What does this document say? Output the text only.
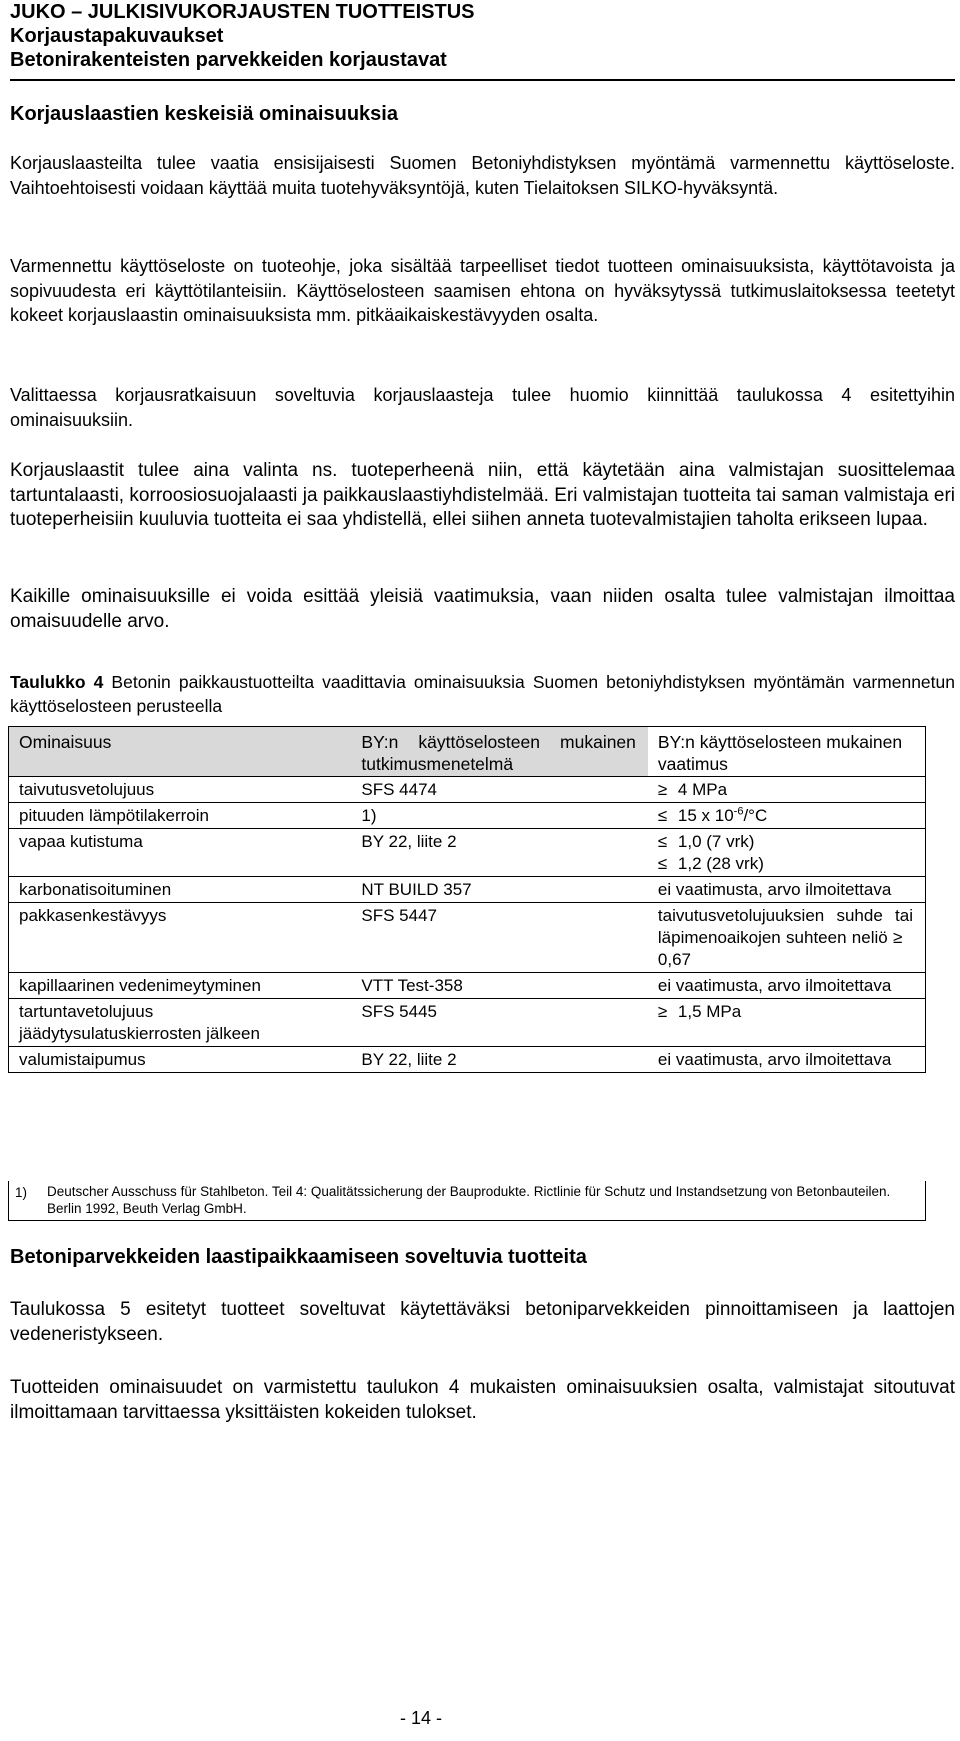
JUKO – JULKISIVUKORJAUSTEN TUOTTEISTUS
Korjaustapakuvaukset
Betonirakenteisten parvekkeiden korjaustavat
Korjauslaastien keskeisiä ominaisuuksia
Korjauslaasteilta tulee vaatia ensisijaisesti Suomen Betoniyhdistyksen myöntämä varmennettu käyttöseloste. Vaihtoehtoisesti voidaan käyttää muita tuotehyväksyntöjä, kuten Tielaitoksen SILKO-hyväksyntä.
Varmennettu käyttöseloste on tuoteohje, joka sisältää tarpeelliset tiedot tuotteen ominaisuuksista, käyttötavoista ja sopivuudesta eri käyttötilanteisiin. Käyttöselosteen saamisen ehtona on hyväksytyssä tutkimuslaitoksessa teetetyt kokeet korjauslaastin ominaisuuksista mm. pitkäaikaiskestävyyden osalta.
Valittaessa korjausratkaisuun soveltuvia korjauslaasteja tulee huomio kiinnittää taulukossa 4 esitettyihin ominaisuuksiin.
Korjauslaastit tulee aina valinta ns. tuoteperheenä niin, että käytetään aina valmistajan suosittelemaa tartuntalaasti, korroosiosuojalaasti ja paikkauslaastiyhdistelmää. Eri valmistajan tuotteita tai saman valmistaja eri tuoteperheisiin kuuluvia tuotteita ei saa yhdistellä, ellei siihen anneta tuotevalmistajien taholta erikseen lupaa.
Kaikille ominaisuuksille ei voida esittää yleisiä vaatimuksia, vaan niiden osalta tulee valmistajan ilmoittaa omaisuudelle arvo.
Taulukko 4 Betonin paikkaustuotteilta vaadittavia ominaisuuksia Suomen betoniyhdistyksen myöntämän varmennetun käyttöselosteen perusteella
Ominaisuus	BY:n käyttöselosteen mukainen tutkimusmenetelmä	BY:n käyttöselosteen mukainen vaatimus
taivutusvetolujuus	SFS 4474	≥ 4 MPa
pituuden lämpötilakerroin	1)	≤ 15 x $10^{-6}/^\circ C$
vapaa kutistuma	BY 22, liite 2	≤ 1,0 (7 vrk)
≤ 1,2 (28 vrk)

karbonatisoituminen	NT BUILD 357	ei vaatimusta, arvo ilmoitettava

pakkasenkestävyys	SFS 5447	taivutusvetolujuuksien suhde tai läpimenoaikojen suhteen neliö ≥0,67

kapillaarinen vedenimeytyminen	VTT Test-358	ei vaatimusta, arvo ilmoitettava

tartuntavetolujuus jäädytysulatuskierrosten jälkeen	SFS 5445	≥ 1,5 MPa
valumistaipumus	BY 22, liite 2	ei vaatimusta, arvo ilmoitettava
1) Deutscher Ausschuss für Stahlbeton. Teil 4: Qualitätssicherung der Bauprodukte. Rictlinie für Schutz und Instandsetzung von Betonbauteilen. Berlin 1992, Beuth Verlag GmbH.
Betoniparvekkeiden laastipaikkaamiseen soveltuvia tuotteita
Taulukossa 5 esitetyt tuotteet soveltuvat käytettäväksi betoniparvekkeiden pinnoittamiseen ja laattojen vedeneristykseen.
Tuotteiden ominaisuudet on varmistettu taulukon 4 mukaisten ominaisuuksien osalta, valmistajat sitoutuvat ilmoittamaan tarvittaessa yksittäisten kokeiden tulokset.
- 14 -
